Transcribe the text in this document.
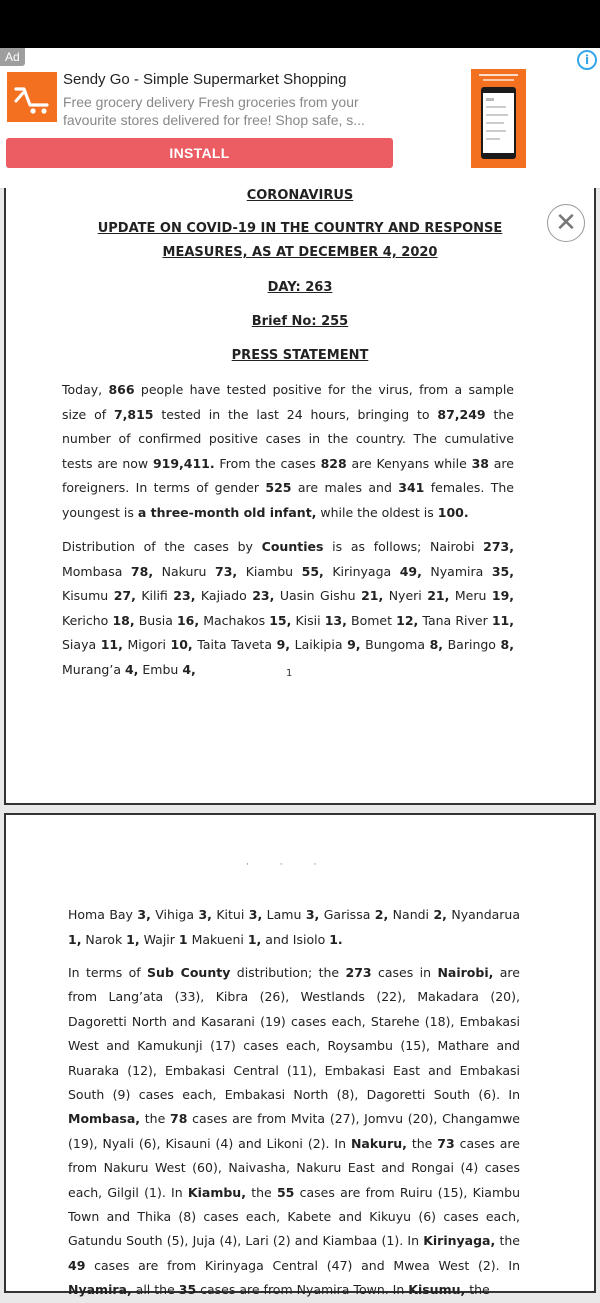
Ad	i
Sendy Go - Simple Supermarket Shopping
Free grocery delivery Fresh groceries from your favourite stores delivered for free! Shop safe, s...
INSTALL
CORONAVIRUS
UPDATE ON COVID-19 IN THE COUNTRY AND RESPONSE
MEASURES, AS AT DECEMBER 4, 2020
DAY: 263
Brief No: 255
PRESS STATEMENT
Today, 866 people have tested positive for the virus, from a sample size of 7,815 tested in the last 24 hours, bringing to 87,249 the number of confirmed positive cases in the country. The cumulative tests are now 919,411. From the cases 828 are Kenyans while 38 are foreigners. In terms of gender 525 are males and 341 females. The youngest is a three-month old infant, while the oldest is 100.
Distribution of the cases by Counties is as follows; Nairobi 273, Mombasa 78, Nakuru 73, Kiambu 55, Kirinyaga 49, Nyamira 35, Kisumu 27, Kilifi 23, Kajiado 23, Uasin Gishu 21, Nyeri 21, Meru 19, Kericho 18, Busia 16, Machakos 15, Kisii 13, Bomet 12, Tana River 11, Siaya 11, Migori 10, Taita Taveta 9, Laikipia 9, Bungoma 8, Baringo 8, Murang’a 4, Embu 4,	1
✕
· · ·
Homa Bay 3, Vihiga 3, Kitui 3, Lamu 3, Garissa 2, Nandi 2, Nyandarua 1, Narok 1, Wajir 1 Makueni 1, and Isiolo 1.
In terms of Sub County distribution; the 273 cases in Nairobi, are from Lang’ata (33), Kibra (26), Westlands (22), Makadara (20), Dagoretti North and Kasarani (19) cases each, Starehe (18), Embakasi West and Kamukunji (17) cases each, Roysambu (15), Mathare and Ruaraka (12), Embakasi Central (11), Embakasi East and Embakasi South (9) cases each, Embakasi North (8), Dagoretti South (6). In Mombasa, the 78 cases are from Mvita (27), Jomvu (20), Changamwe (19), Nyali (6), Kisauni (4) and Likoni (2). In Nakuru, the 73 cases are from Nakuru West (60), Naivasha, Nakuru East and Rongai (4) cases each, Gilgil (1). In Kiambu, the 55 cases are from Ruiru (15), Kiambu Town and Thika (8) cases each, Kabete and Kikuyu (6) cases each, Gatundu South (5), Juja (4), Lari (2) and Kiambaa (1). In Kirinyaga, the 49 cases are from Kirinyaga Central (47) and Mwea West (2). In Nyamira, all the 35 cases are from Nyamira Town. In Kisumu, the
